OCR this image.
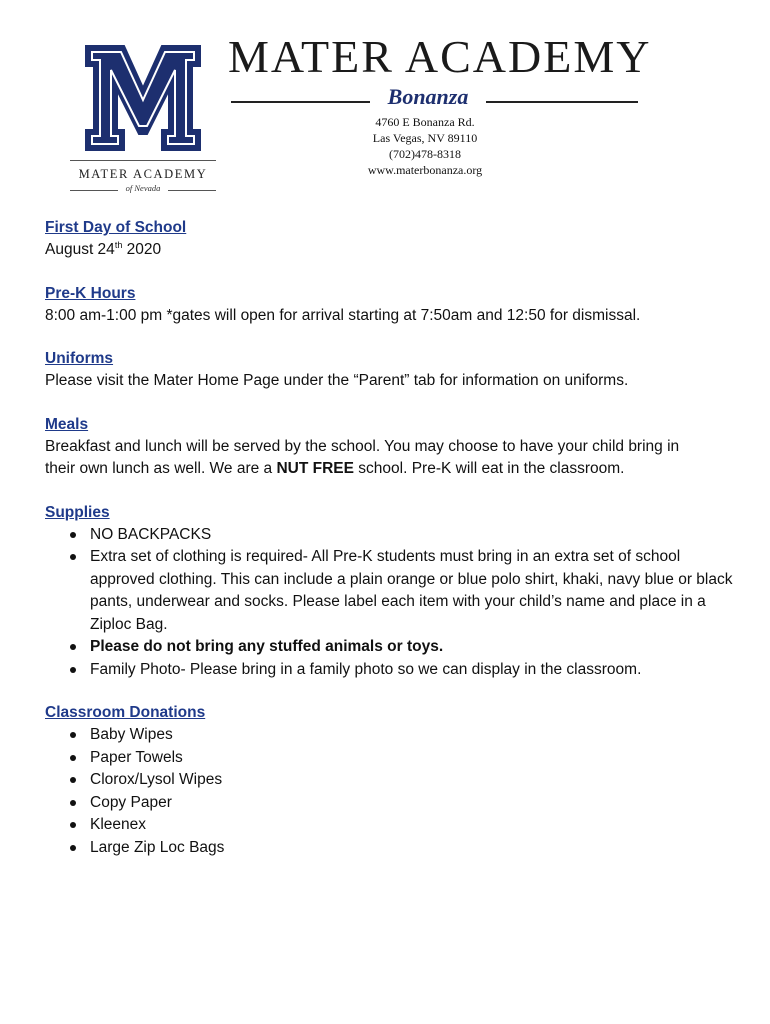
MATER ACADEMY
of Nevada
MATER ACADEMY
Bonanza
4760 E Bonanza Rd.
Las Vegas, NV 89110
(702)478-8318
www.materbonanza.org
First Day of School
August 24th 2020
Pre-K Hours
8:00 am-1:00 pm *gates will open for arrival starting at 7:50am and 12:50 for dismissal.
Uniforms
Please visit the Mater Home Page under the “Parent” tab for information on uniforms.
Meals
Breakfast and lunch will be served by the school. You may choose to have your child bring in
their own lunch as well. We are a NUT FREE school. Pre-K will eat in the classroom.
Supplies
NO BACKPACKS
Extra set of clothing is required- All Pre-K students must bring in an extra set of school approved clothing. This can include a plain orange or blue polo shirt, khaki, navy blue or black pants, underwear and socks. Please label each item with your child’s name and place in a Ziploc Bag.
Please do not bring any stuffed animals or toys.
Family Photo- Please bring in a family photo so we can display in the classroom.
Classroom Donations
Baby Wipes
Paper Towels
Clorox/Lysol Wipes
Copy Paper
Kleenex
Large Zip Loc Bags
